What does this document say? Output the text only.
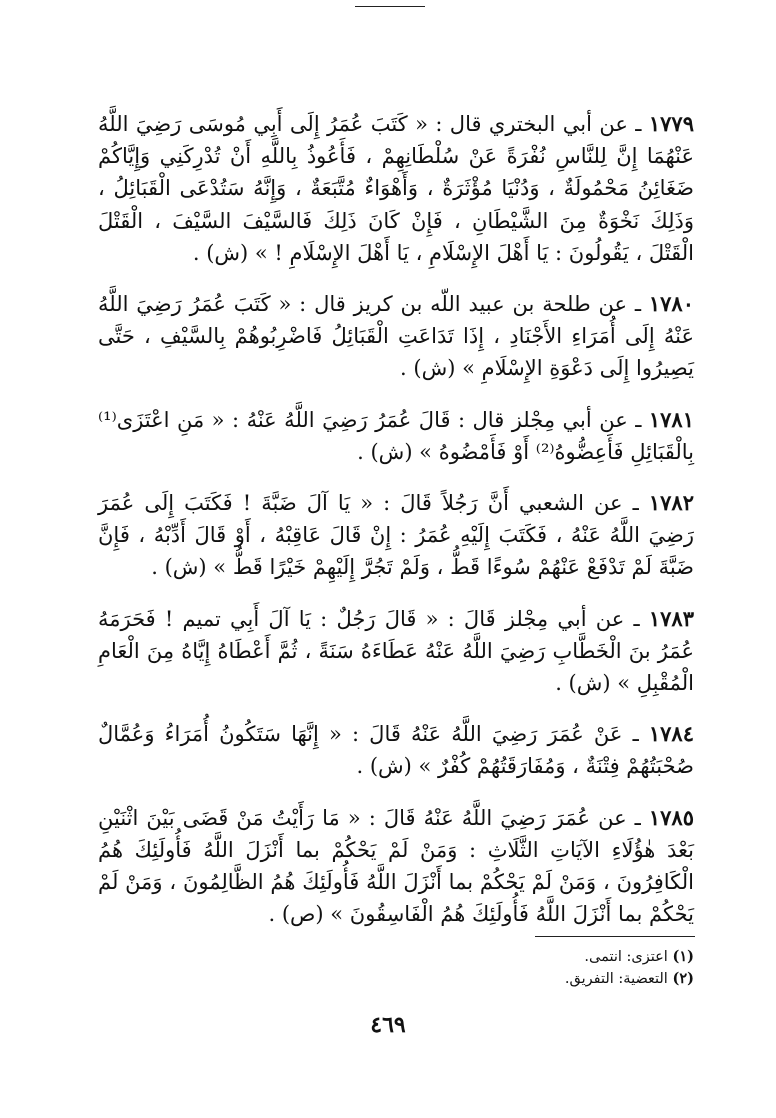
١٧٧٩ ـ عن أبي البختري قال : « كَتَبَ عُمَرُ إِلَى أَبِي مُوسَى رَضِيَ اللَّهُ عَنْهُمَا إِنَّ لِلنَّاسِ نُفْرَةً عَنْ سُلْطَانِهِمْ ، فَأَعُوذُ بِاللَّهِ أَنْ تُدْرِكَنِي وَإِيَّاكُمْ ضَغَائِنُ مَحْمُولَةٌ ، وَدُنْيَا مُؤْثَرَةٌ ، وَأَهْوَاءٌ مُتَّبَعَةٌ ، وَإِنَّهُ سَتُدْعَى الْقَبَائِلُ ، وَذَلِكَ نَخْوَةٌ مِنَ الشَّيْطَانِ ، فَإِنْ كَانَ ذَلِكَ فَالسَّيْفَ السَّيْفَ ، الْقَتْلَ الْقَتْلَ ، يَقُولُونَ : يَا أَهْلَ الإِسْلَامِ ، يَا أَهْلَ الإِسْلَامِ ! » (ش) .

١٧٨٠ ـ عن طلحة بن عبيد اللّه بن كريز قال : « كَتَبَ عُمَرُ رَضِيَ اللَّهُ عَنْهُ إِلَى أُمَرَاءِ الأَجْنَادِ ، إِذَا تَدَاعَتِ الْقَبَائِلُ فَاضْرِبُوهُمْ بِالسَّيْفِ ، حَتَّى يَصِيرُوا إِلَى دَعْوَةِ الإِسْلَامِ » (ش) .

١٧٨١ ـ عن أبي مِجْلز قال : قَالَ عُمَرُ رَضِيَ اللَّهُ عَنْهُ : « مَنِ اعْتَزَى⁽¹⁾ بِالْقَبَائِلِ فَأَعِضُّوهُ⁽²⁾ أَوْ فَأَمْضُوهُ » (ش) .

١٧٨٢ ـ عن الشعبي أَنَّ رَجُلاً قَالَ : « يَا آلَ ضَبَّةَ ! فَكَتَبَ إِلَى عُمَرَ رَضِيَ اللَّهُ عَنْهُ ، فَكَتَبَ إِلَيْهِ عُمَرُ : إِنْ قَالَ عَاقِبْهُ ، أَوْ قَالَ أَدِّبْهُ ، فَإِنَّ ضَبَّةَ لَمْ تَدْفَعْ عَنْهُمْ سُوءًا قَطُّ ، وَلَمْ تَجُرَّ إِلَيْهِمْ خَيْرًا قَطُّ » (ش) .

١٧٨٣ ـ عن أبي مِجْلز قَالَ : « قَالَ رَجُلٌ : يَا آلَ أَبِي تميم ! فَحَرَمَهُ عُمَرُ بنَ الْخَطَّابِ رَضِيَ اللَّهُ عَنْهُ عَطَاءَهُ سَنَةً ، ثُمَّ أَعْطَاهُ إِيَّاهُ مِنَ الْعَامِ الْمُقْبِلِ » (ش) .

١٧٨٤ ـ عَنْ عُمَرَ رَضِيَ اللَّهُ عَنْهُ قَالَ : « إِنَّهَا سَتَكُونُ أُمَرَاءُ وَعُمَّالٌ صُحْبَتُهُمْ فِتْنَةٌ ، وَمُفَارَقَتُهُمْ كُفْرٌ » (ش) .

١٧٨٥ ـ عن عُمَرَ رَضِيَ اللَّهُ عَنْهُ قَالَ : « مَا رَأَيْتُ مَنْ قَضَى بَيْنَ اثْنَيْنِ بَعْدَ هٰؤُلَاءِ الآيَاتِ الثَّلَاثِ : وَمَنْ لَمْ يَحْكُمْ بما أَنْزَلَ اللَّهُ فَأُولَئِكَ هُمُ الْكَافِرُونَ ، وَمَنْ لَمْ يَحْكُمْ بما أَنْزَلَ اللَّهُ فَأُولَئِكَ هُمُ الظَّالِمُونَ ، وَمَنْ لَمْ يَحْكُمْ بما أَنْزَلَ اللَّهُ فَأُولَئِكَ هُمُ الْفَاسِقُونَ » (ص) .

(١) اعتزى: انتمى.
(٢) التعضية: التفريق.
٤٦٩
